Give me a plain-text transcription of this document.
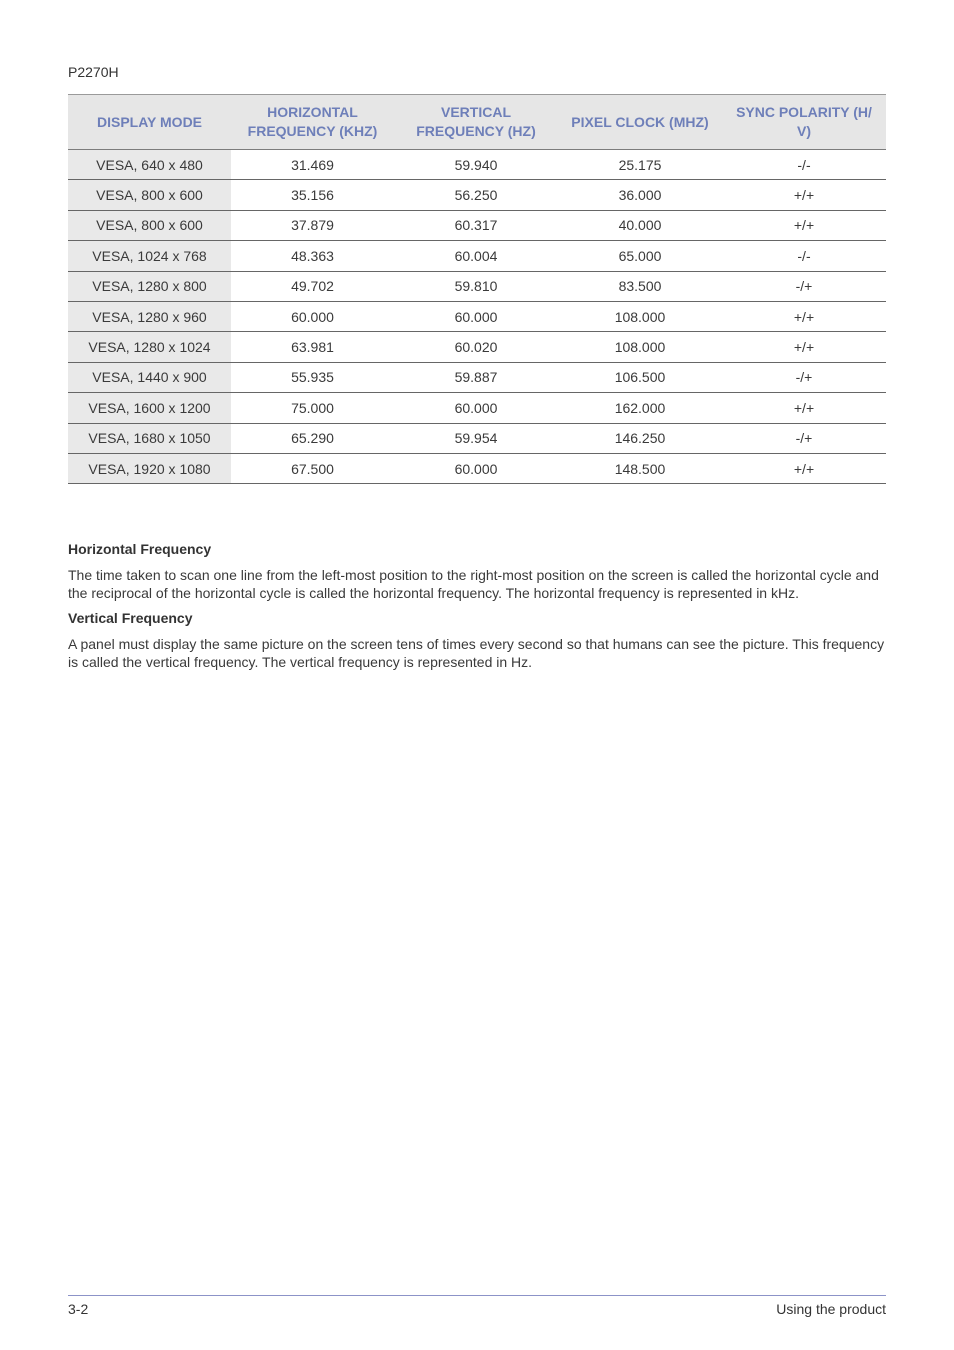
P2270H
DISPLAY MODE	HORIZONTAL FREQUENCY (KHZ)	VERTICAL FREQUENCY (HZ)	PIXEL CLOCK (MHZ)	SYNC POLARITY (H/ V)
VESA, 640 x 480	31.469	59.940	25.175	-/-
VESA, 800 x 600	35.156	56.250	36.000	+/+
VESA, 800 x 600	37.879	60.317	40.000	+/+
VESA, 1024 x 768	48.363	60.004	65.000	-/-
VESA, 1280 x 800	49.702	59.810	83.500	-/+
VESA, 1280 x 960	60.000	60.000	108.000	+/+
VESA, 1280 x 1024	63.981	60.020	108.000	+/+
VESA, 1440 x 900	55.935	59.887	106.500	-/+
VESA, 1600 x 1200	75.000	60.000	162.000	+/+
VESA, 1680 x 1050	65.290	59.954	146.250	-/+
VESA, 1920 x 1080	67.500	60.000	148.500	+/+
Horizontal Frequency

The time taken to scan one line from the left-most position to the right-most position on the screen is called the horizontal cycle and the reciprocal of the horizontal cycle is called the horizontal frequency. The horizontal frequency is represented in kHz.

Vertical Frequency

A panel must display the same picture on the screen tens of times every second so that humans can see the picture. This frequency is called the vertical frequency. The vertical frequency is represented in Hz.

3-2	Using the product
